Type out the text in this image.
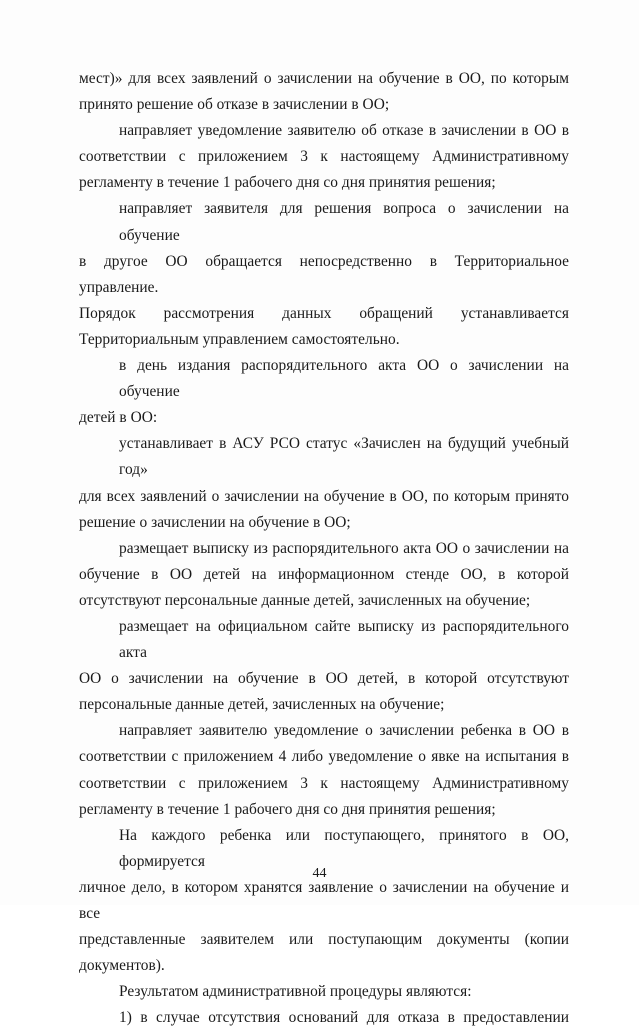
мест)» для всех заявлений о зачислении на обучение в ОО, по которым
принято решение об отказе в зачислении в ОО;

направляет уведомление заявителю об отказе в зачислении в ОО в
соответствии с приложением 3 к настоящему Административному
регламенту в течение 1 рабочего дня со дня принятия решения;

направляет заявителя для решения вопроса о зачислении на обучение
в другое ОО обращается непосредственно в Территориальное управление.
Порядок рассмотрения данных обращений устанавливается
Территориальным управлением самостоятельно.

в день издания распорядительного акта ОО о зачислении на обучение
детей в ОО:

устанавливает в АСУ РСО статус «Зачислен на будущий учебный год»
для всех заявлений о зачислении на обучение в ОО, по которым принято
решение о зачислении на обучение в ОО;

размещает выписку из распорядительного акта ОО о зачислении на
обучение в ОО детей на информационном стенде ОО, в которой
отсутствуют персональные данные детей, зачисленных на обучение;

размещает на официальном сайте выписку из распорядительного акта
ОО о зачислении на обучение в ОО детей, в которой отсутствуют
персональные данные детей, зачисленных на обучение;

направляет заявителю уведомление о зачислении ребенка в ОО в
соответствии с приложением 4 либо уведомление о явке на испытания в
соответствии с приложением 3 к настоящему Административному
регламенту в течение 1 рабочего дня со дня принятия решения;

На каждого ребенка или поступающего, принятого в ОО, формируется
личное дело, в котором хранятся заявление о зачислении на обучение и все
представленные заявителем или поступающим документы (копии
документов).

Результатом административной процедуры являются:

1) в случае отсутствия оснований для отказа в предоставлении

44
